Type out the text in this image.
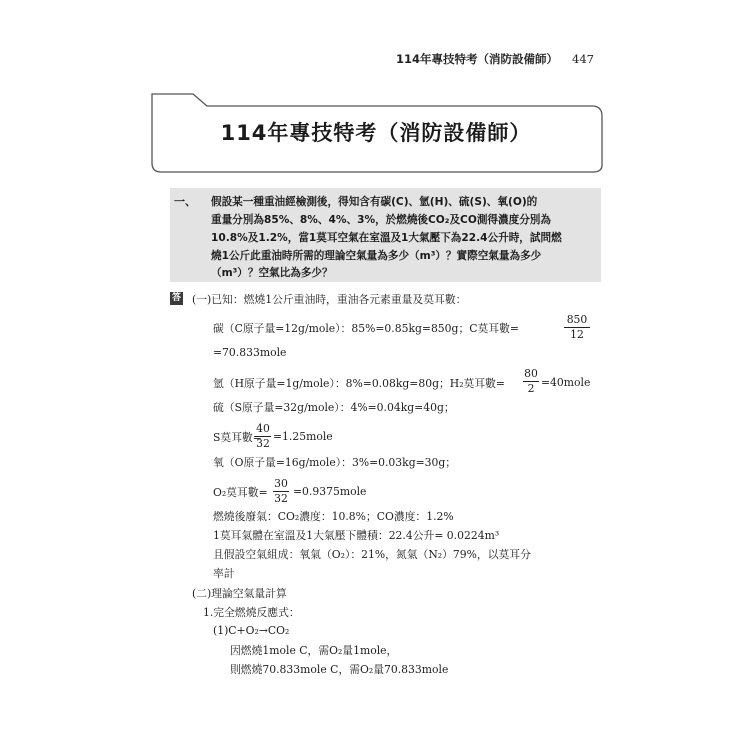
114年專技特考（消防設備師） 447
114年專技特考（消防設備師）
一、 假設某一種重油經檢測後，得知含有碳(C)、氫(H)、硫(S)、氧(O)的
重量分別為85%、8%、4%、3%，於燃燒後CO₂及CO測得濃度分別為
10.8%及1.2%，當1莫耳空氣在室溫及1大氣壓下為22.4公升時，試問燃
燒1公斤此重油時所需的理論空氣量為多少（m³）？實際空氣量為多少
（m³）？空氣比為多少？
答 (一)已知：燃燒1公斤重油時，重油各元素重量及莫耳數：
碳（C原子量=12g/mole）：85%=0.85kg=850g；C莫耳數=	$\frac{850}{12}$
=70.833mole
氫（H原子量=1g/mole）：8%=0.08kg=80g；H₂莫耳數= $\frac{80}{2}$ =40mole
硫（S原子量=32g/mole）：4%=0.04kg=40g；
S莫耳數=
$\frac{40}{32}$ =1.25mole
氧（O原子量=16g/mole）：3%=0.03kg=30g；
O₂莫耳數= $\frac{30}{32}$ =0.9375mole
燃燒後廢氣：CO₂濃度：10.8%；CO濃度：1.2%
1莫耳氣體在室溫及1大氣壓下體積：22.4公升= 0.0224m³
且假設空氣組成：氧氣（O₂）：21%，氮氣（N₂）79%，以莫耳分
率計
(二)理論空氣量計算
1.完全燃燒反應式：
(1)C+O₂→CO₂
因燃燒1mole C，需O₂量1mole，
則燃燒70.833mole C，需O₂量70.833mole
